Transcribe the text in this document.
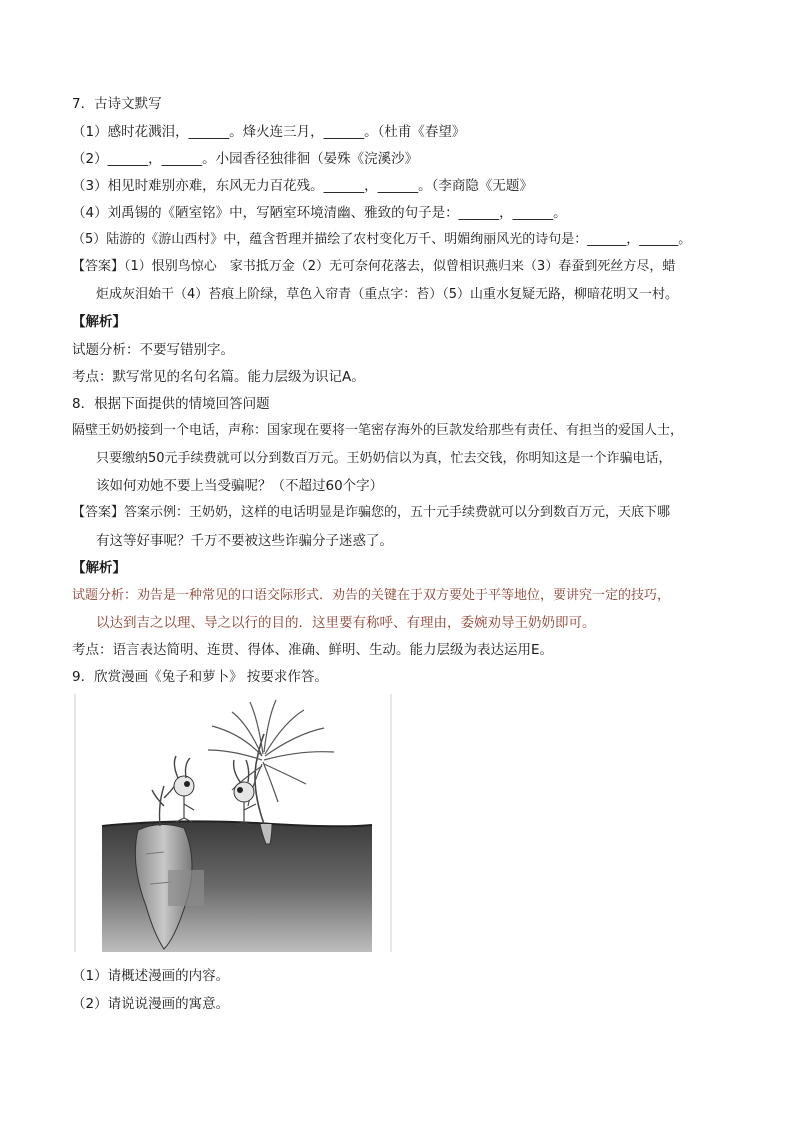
7．古诗文默写
（1）感时花溅泪，______。烽火连三月，______。（杜甫《春望》
（2）______，______。小园香径独徘徊（晏殊《浣溪沙》
（3）相见时难别亦难，东风无力百花残。______，______。（李商隐《无题》
（4）刘禹锡的《陋室铭》中，写陋室环境清幽、雅致的句子是：______，______。
（5）陆游的《游山西村》中，蕴含哲理并描绘了农村变化万千、明媚绚丽风光的诗句是：______，______。
【答案】（1）恨别鸟惊心　家书抵万金（2）无可奈何花落去，似曾相识燕归来（3）春蚕到死丝方尽，蜡
炬成灰泪始干（4）苔痕上阶绿，草色入帘青（重点字：苔）（5）山重水复疑无路，柳暗花明又一村。
【解析】
试题分析：不要写错别字。
考点：默写常见的名句名篇。能力层级为识记A。
8．根据下面提供的情境回答问题
隔壁王奶奶接到一个电话，声称：国家现在要将一笔密存海外的巨款发给那些有责任、有担当的爱国人士，
只要缴纳50元手续费就可以分到数百万元。王奶奶信以为真，忙去交钱，你明知这是一个诈骗电话，
该如何劝她不要上当受骗呢？（不超过60个字）
【答案】答案示例：王奶奶，这样的电话明显是诈骗您的，五十元手续费就可以分到数百万元，天底下哪
有这等好事呢？千万不要被这些诈骗分子迷惑了。
【解析】
试题分析：劝告是一种常见的口语交际形式．劝告的关键在于双方要处于平等地位，要讲究一定的技巧，
以达到吉之以理、导之以行的目的．这里要有称呼、有理由，委婉劝导王奶奶即可。
考点：语言表达简明、连贯、得体、准确、鲜明、生动。能力层级为表达运用E。
9．欣赏漫画《兔子和萝卜》 按要求作答。
（1）请概述漫画的内容。
（2）请说说漫画的寓意。
